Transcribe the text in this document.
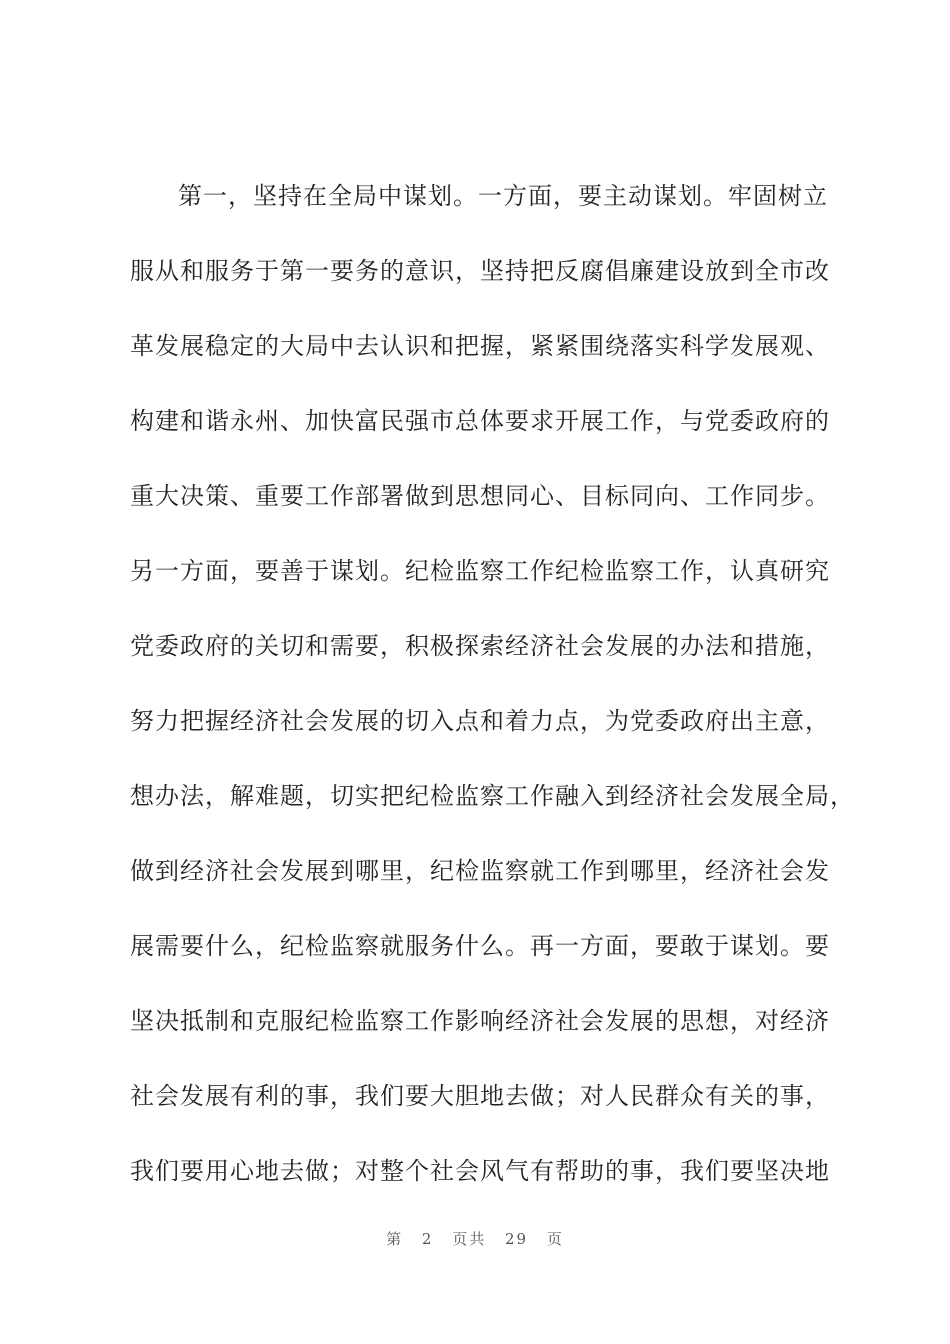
第一，坚持在全局中谋划。一方面，要主动谋划。牢固树立
服从和服务于第一要务的意识，坚持把反腐倡廉建设放到全市改
革发展稳定的大局中去认识和把握，紧紧围绕落实科学发展观、
构建和谐永州、加快富民强市总体要求开展工作，与党委政府的
重大决策、重要工作部署做到思想同心、目标同向、工作同步。
另一方面，要善于谋划。纪检监察工作纪检监察工作，认真研究
党委政府的关切和需要，积极探索经济社会发展的办法和措施，
努力把握经济社会发展的切入点和着力点，为党委政府出主意，
想办法，解难题，切实把纪检监察工作融入到经济社会发展全局，
做到经济社会发展到哪里，纪检监察就工作到哪里，经济社会发
展需要什么，纪检监察就服务什么。再一方面，要敢于谋划。要
坚决抵制和克服纪检监察工作影响经济社会发展的思想，对经济
社会发展有利的事，我们要大胆地去做；对人民群众有关的事，
我们要用心地去做；对整个社会风气有帮助的事，我们要坚决地
第 2 页共 29 页
